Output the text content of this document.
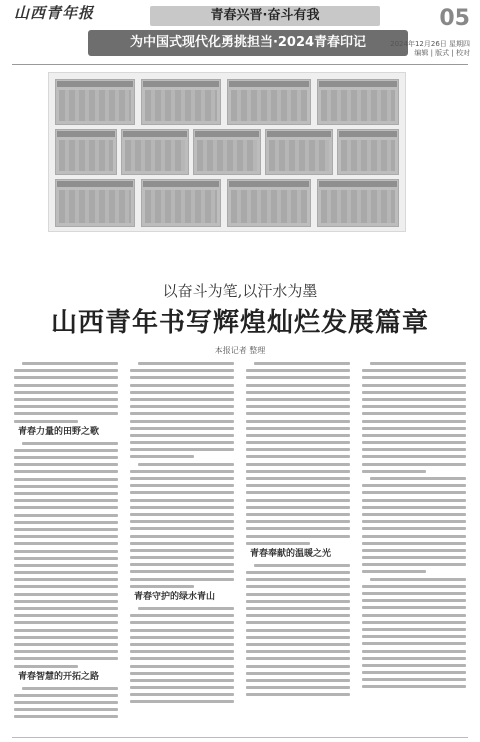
山西青年报	青春兴晋·奋斗有我
为中国式现代化勇挑担当·2024青春印记
05
2024年12月26日 星期四
编辑 | 版式 | 校对
以奋斗为笔,以汗水为墨
山西青年书写辉煌灿烂发展篇章
本报记者 整理
青春力量的田野之歌
青春智慧的开拓之路
青春守护的绿水青山
青春奉献的温暖之光
